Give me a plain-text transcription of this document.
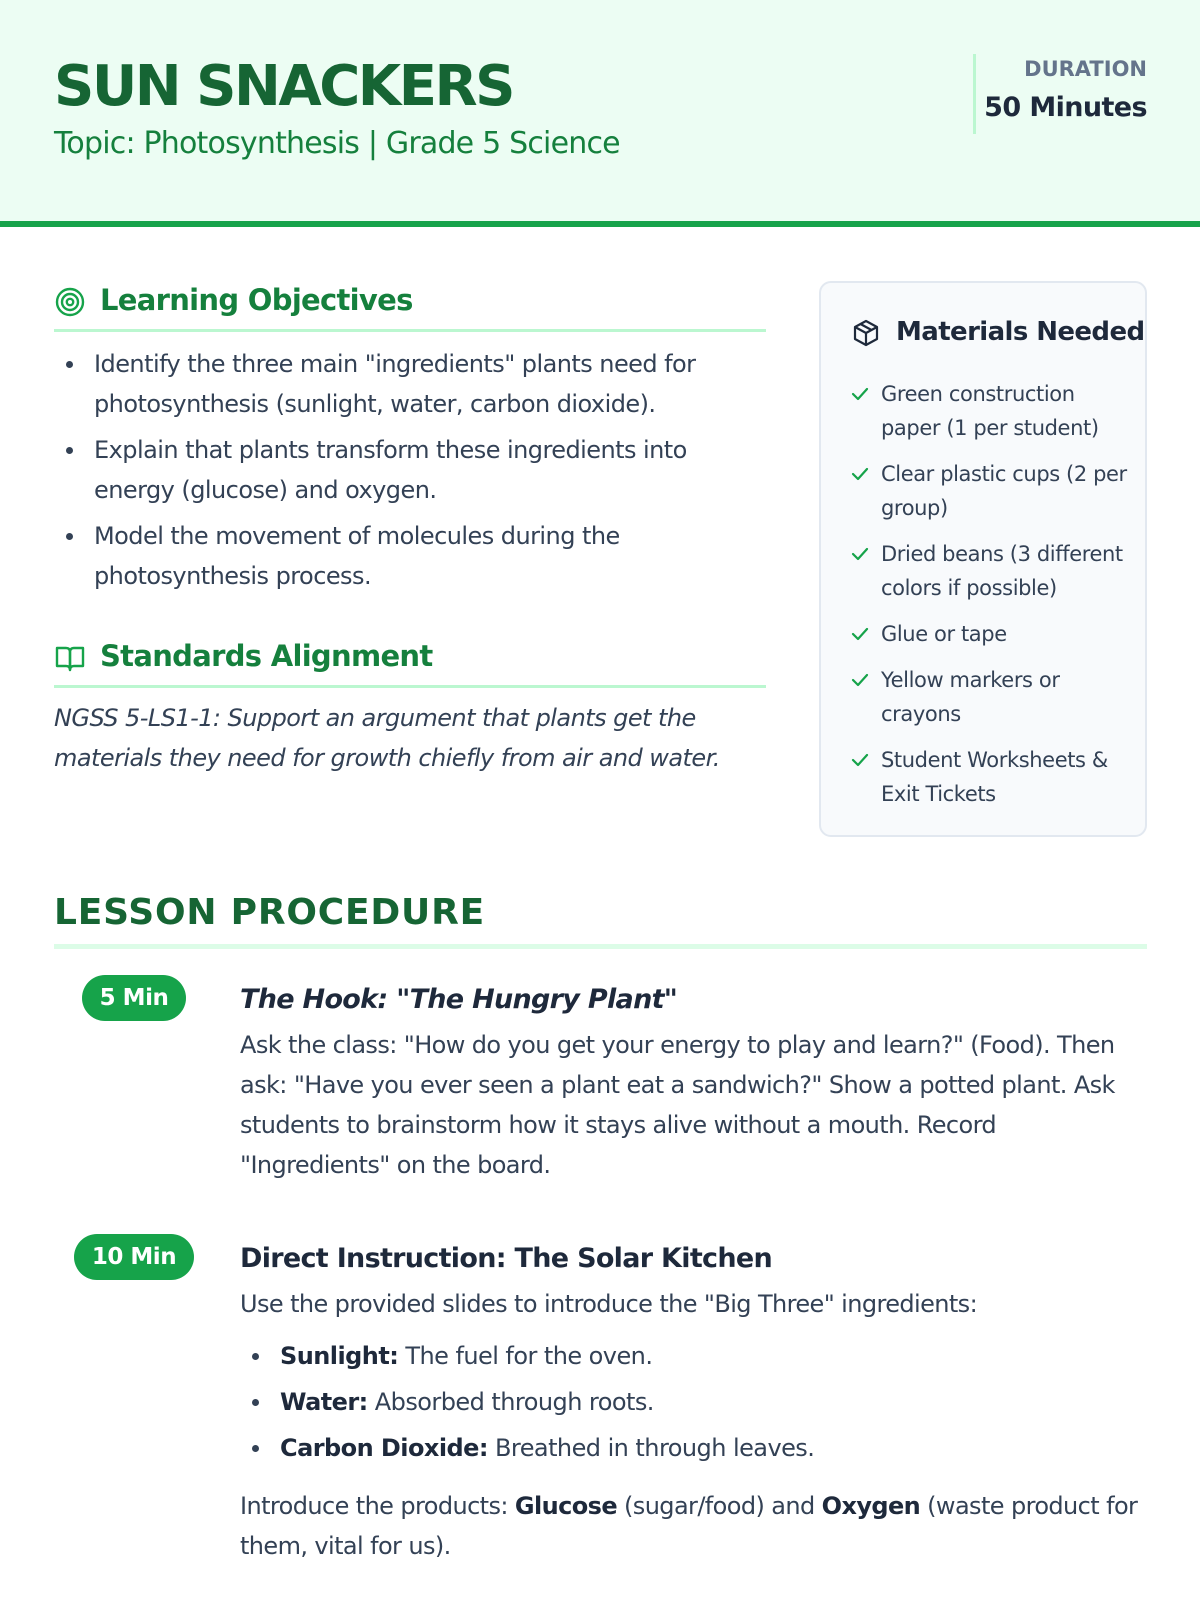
SUN SNACKERS
Topic: Photosynthesis | Grade 5 Science
DURATION
50 Minutes
Learning Objectives
Identify the three main "ingredients" plants need for photosynthesis (sunlight, water, carbon dioxide).
Explain that plants transform these ingredients into energy (glucose) and oxygen.
Model the movement of molecules during the photosynthesis process.
Standards Alignment
NGSS 5-LS1-1: Support an argument that plants get the materials they need for growth chiefly from air and water.
Materials Needed
Green construction paper (1 per student)
Clear plastic cups (2 per group)
Dried beans (3 different colors if possible)
Glue or tape
Yellow markers or crayons
Student Worksheets & Exit Tickets
LESSON PROCEDURE
5 Min	The Hook: "The Hungry Plant"
Ask the class: "How do you get your energy to play and learn?" (Food). Then ask: "Have you ever seen a plant eat a sandwich?" Show a potted plant. Ask students to brainstorm how it stays alive without a mouth. Record "Ingredients" on the board.
10 Min	Direct Instruction: The Solar Kitchen
Use the provided slides to introduce the "Big Three" ingredients:
Sunlight: The fuel for the oven.
Water: Absorbed through roots.
Carbon Dioxide: Breathed in through leaves.
Introduce the products: Glucose (sugar/food) and Oxygen (waste product for them, vital for us).
